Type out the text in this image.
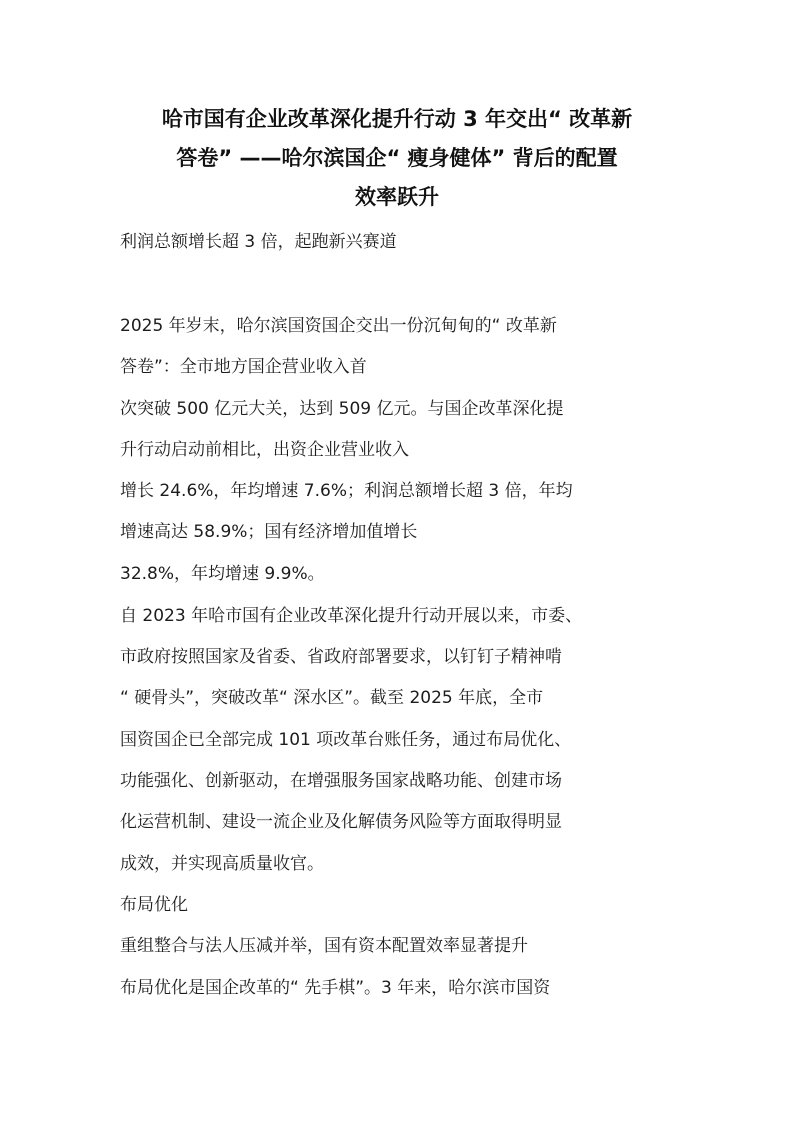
哈市国有企业改革深化提升行动 3 年交出“ 改革新
答卷” ——哈尔滨国企“ 瘦身健体” 背后的配置
效率跃升
利润总额增长超 3 倍，起跑新兴赛道
2025 年岁末，哈尔滨国资国企交出一份沉甸甸的“ 改革新
答卷”：全市地方国企营业收入首
次突破 500 亿元大关，达到 509 亿元。与国企改革深化提
升行动启动前相比，出资企业营业收入
增长 24.6%，年均增速 7.6%；利润总额增长超 3 倍，年均
增速高达 58.9%；国有经济增加值增长
32.8%，年均增速 9.9%。
自 2023 年哈市国有企业改革深化提升行动开展以来，市委、
市政府按照国家及省委、省政府部署要求，以钉钉子精神啃
“ 硬骨头”，突破改革“ 深水区”。截至 2025 年底，全市
国资国企已全部完成 101 项改革台账任务，通过布局优化、
功能强化、创新驱动，在增强服务国家战略功能、创建市场
化运营机制、建设一流企业及化解债务风险等方面取得明显
成效，并实现高质量收官。
布局优化
重组整合与法人压减并举，国有资本配置效率显著提升
布局优化是国企改革的“ 先手棋”。3 年来，哈尔滨市国资
